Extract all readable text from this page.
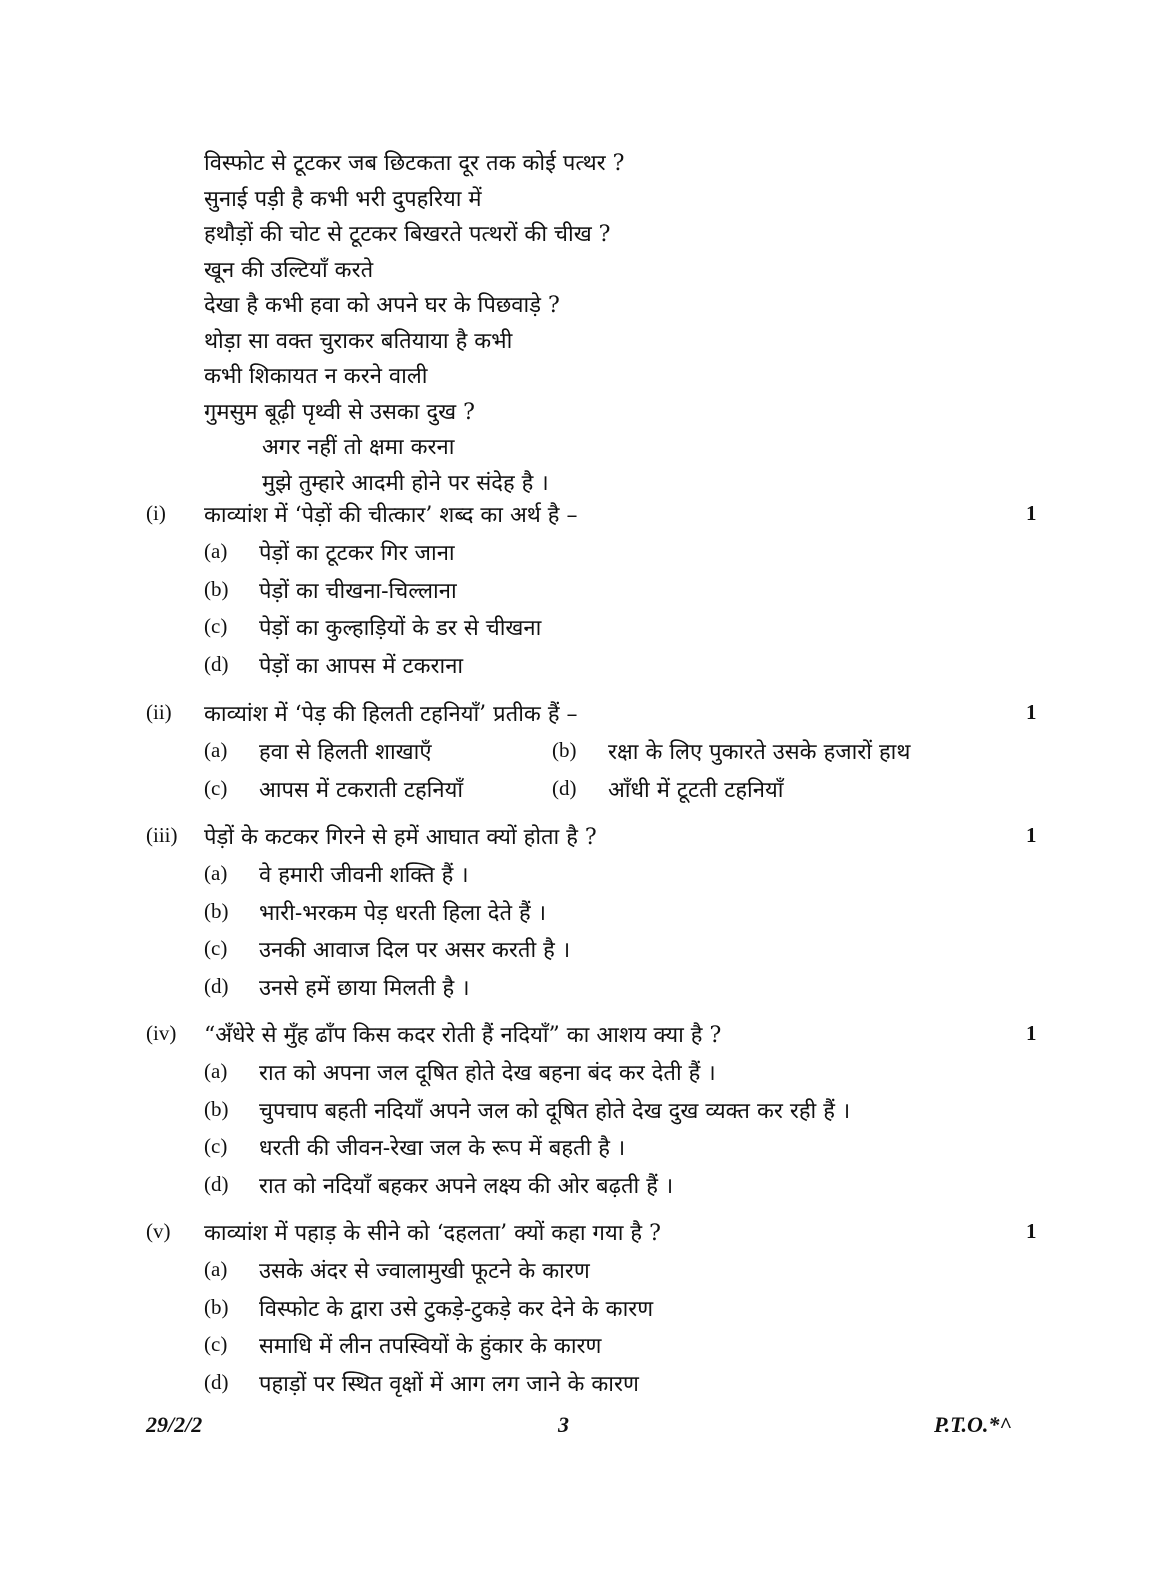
विस्फोट से टूटकर जब छिटकता दूर तक कोई पत्थर ?
सुनाई पड़ी है कभी भरी दुपहरिया में
हथौड़ों की चोट से टूटकर बिखरते पत्थरों की चीख ?
खून की उल्टियाँ करते
देखा है कभी हवा को अपने घर के पिछवाड़े ?
थोड़ा सा वक्त चुराकर बतियाया है कभी
कभी शिकायत न करने वाली
गुमसुम बूढ़ी पृथ्वी से उसका दुख ?
अगर नहीं तो क्षमा करना
मुझे तुम्हारे आदमी होने पर संदेह है ।
(i) काव्यांश में ‘पेड़ों की चीत्कार’ शब्द का अर्थ है –	1
(a) पेड़ों का टूटकर गिर जाना
(b) पेड़ों का चीखना-चिल्लाना
(c) पेड़ों का कुल्हाड़ियों के डर से चीखना
(d) पेड़ों का आपस में टकराना
(ii) काव्यांश में ‘पेड़ की हिलती टहनियाँ’ प्रतीक हैं –	1
(a) हवा से हिलती शाखाएँ	(b) रक्षा के लिए पुकारते उसके हजारों हाथ
(c) आपस में टकराती टहनियाँ	(d) आँधी में टूटती टहनियाँ
(iii) पेड़ों के कटकर गिरने से हमें आघात क्यों होता है ?	1
(a) वे हमारी जीवनी शक्ति हैं ।
(b) भारी-भरकम पेड़ धरती हिला देते हैं ।
(c) उनकी आवाज दिल पर असर करती है ।
(d) उनसे हमें छाया मिलती है ।
(iv) “अँधेरे से मुँह ढाँप किस कदर रोती हैं नदियाँ” का आशय क्या है ?	1
(a) रात को अपना जल दूषित होते देख बहना बंद कर देती हैं ।
(b) चुपचाप बहती नदियाँ अपने जल को दूषित होते देख दुख व्यक्त कर रही हैं ।
(c) धरती की जीवन-रेखा जल के रूप में बहती है ।
(d) रात को नदियाँ बहकर अपने लक्ष्य की ओर बढ़ती हैं ।
(v) काव्यांश में पहाड़ के सीने को ‘दहलता’ क्यों कहा गया है ?	1
(a) उसके अंदर से ज्वालामुखी फूटने के कारण
(b) विस्फोट के द्वारा उसे टुकड़े-टुकड़े कर देने के कारण
(c) समाधि में लीन तपस्वियों के हुंकार के कारण
(d) पहाड़ों पर स्थित वृक्षों में आग लग जाने के कारण
29/2/2	3	P.T.O.*^
